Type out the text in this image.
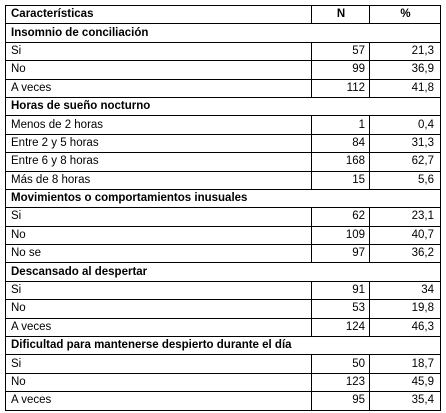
Características	N	%
Insomnio de conciliación		
Si	57	21,3
No	99	36,9
A veces	112	41,8
Horas de sueño nocturno		
Menos de 2 horas	1	0,4
Entre 2 y 5 horas	84	31,3
Entre 6 y 8 horas	168	62,7
Más de 8 horas	15	5,6
Movimientos o comportamientos inusuales		
Si	62	23,1
No	109	40,7
No se	97	36,2
Descansado al despertar		
Si	91	34
No	53	19,8
A veces	124	46,3
Dificultad para mantenerse despierto durante el día		
Si	50	18,7
No	123	45,9
A veces	95	35,4
